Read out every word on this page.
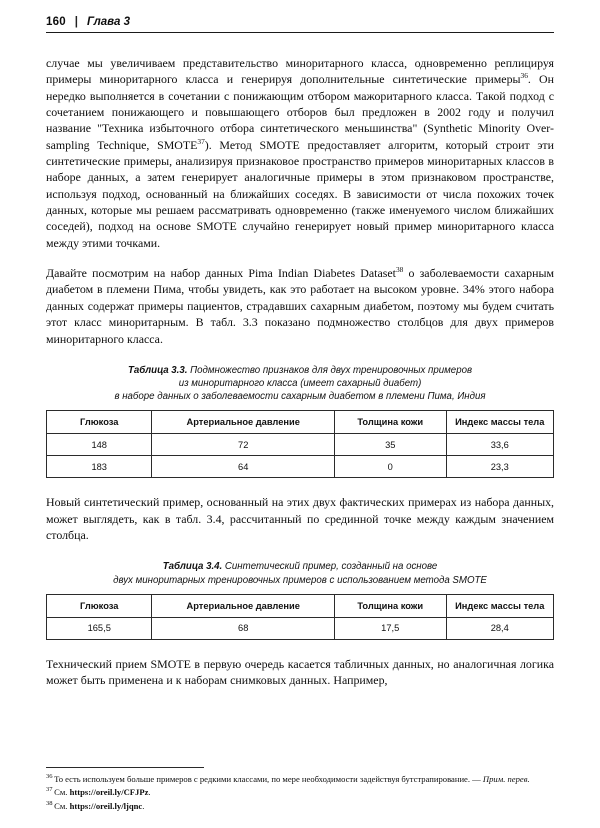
160 | Глава 3

случае мы увеличиваем представительство миноритарного класса, одновременно реплицируя примеры миноритарного класса и генерируя дополнительные синтетические примеры$^{36}$. Он нередко выполняется в сочетании с понижающим отбором мажоритарного класса. Такой подход с сочетанием понижающего и повышающего отборов был предложен в 2002 году и получил название "Техника избыточного отбора синтетического меньшинства" (Synthetic Minority Over-sampling Technique, SMOTE$^{37}$). Метод SMOTE предоставляет алгоритм, который строит эти синтетические примеры, анализируя признаковое пространство примеров миноритарных классов в наборе данных, а затем генерирует аналогичные примеры в этом признаковом пространстве, используя подход, основанный на ближайших соседях. В зависимости от числа похожих точек данных, которые мы решаем рассматривать одновременно (также именуемого числом ближайших соседей), подход на основе SMOTE случайно генерирует новый пример миноритарного класса между этими точками.

Давайте посмотрим на набор данных Pima Indian Diabetes Dataset$^{38}$ о заболеваемости сахарным диабетом в племени Пима, чтобы увидеть, как это работает на высоком уровне. 34% этого набора данных содержат примеры пациентов, страдавших сахарным диабетом, поэтому мы будем считать этот класс миноритарным. В табл. 3.3 показано подмножество столбцов для двух примеров миноритарного класса.

Таблица 3.3. Подмножество признаков для двух тренировочных примеров
из миноритарного класса (имеет сахарный диабет)
в наборе данных о заболеваемости сахарным диабетом в племени Пима, Индия
Глюкоза	Артериальное давление	Толщина кожи	Индекс массы тела
148	72	35	33,6
183	64	0	23,3

Новый синтетический пример, основанный на этих двух фактических примерах из набора данных, может выглядеть, как в табл. 3.4, рассчитанный по срединной точке между каждым значением столбца.

Таблица 3.4. Синтетический пример, созданный на основе
двух миноритарных тренировочных примеров с использованием метода SMOTE
Глюкоза	Артериальное давление	Толщина кожи	Индекс массы тела
165,5	68	17,5	28,4

Технический прием SMOTE в первую очередь касается табличных данных, но аналогичная логика может быть применена и к наборам снимковых данных. Например,

$^{36}$ То есть используем больше примеров с редкими классами, по мере необходимости задействуя бутстрапирование. — Прим. перев.

$^{37}$ См. https://oreil.ly/CFJPz.

$^{38}$ См. https://oreil.ly/ljqnc.
